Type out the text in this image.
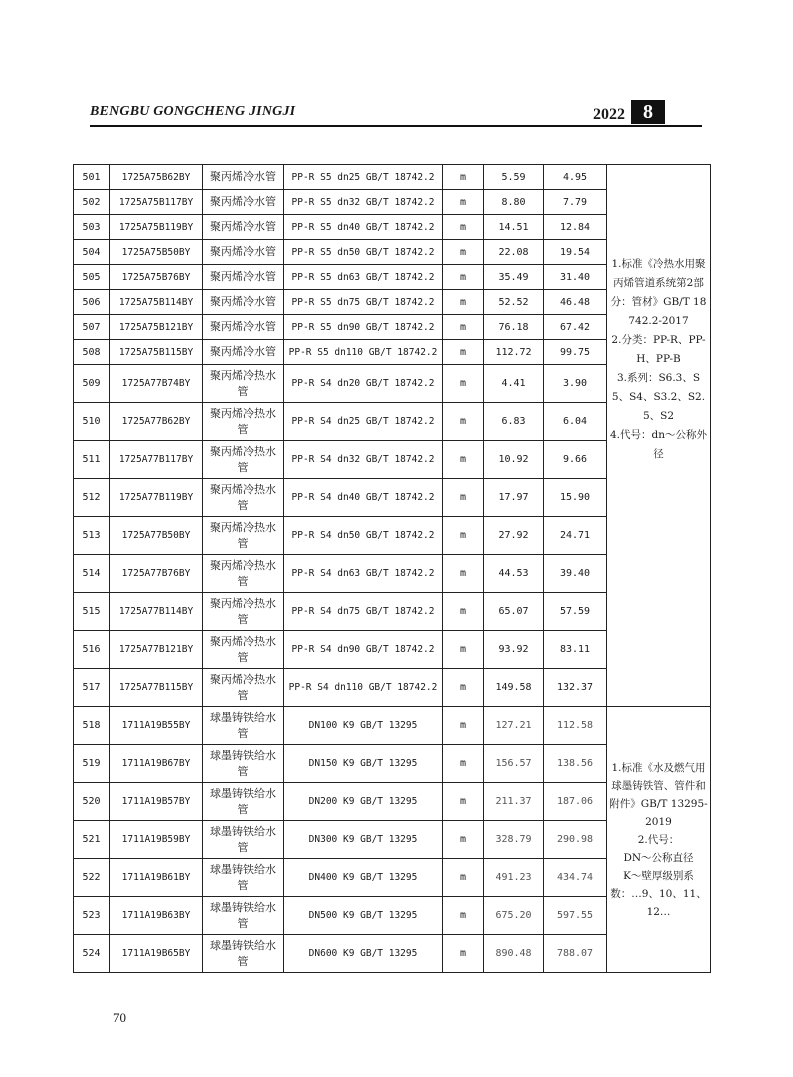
BENGBU GONGCHENG JINGJI	2022 8
501	1725A75B62BY	聚丙烯冷水管	PP-R S5 dn25 GB/T 18742.2	m	5.59	4.95	1.标准《冷热水用聚丙烯管道系统第2部分：管材》GB/T 18742.2-2017
2.分类：PP-R、PP-H、PP-B
3.系列：S6.3、S5、S4、S3.2、S2.5、S2
4.代号：dn～公称外径

502	1725A75B117BY	聚丙烯冷水管	PP-R S5 dn32 GB/T 18742.2	m	8.80	7.79	
503	1725A75B119BY	聚丙烯冷水管	PP-R S5 dn40 GB/T 18742.2	m	14.51	12.84	
504	1725A75B50BY	聚丙烯冷水管	PP-R S5 dn50 GB/T 18742.2	m	22.08	19.54	
505	1725A75B76BY	聚丙烯冷水管	PP-R S5 dn63 GB/T 18742.2	m	35.49	31.40	
506	1725A75B114BY	聚丙烯冷水管	PP-R S5 dn75 GB/T 18742.2	m	52.52	46.48	
507	1725A75B121BY	聚丙烯冷水管	PP-R S5 dn90 GB/T 18742.2	m	76.18	67.42	
508	1725A75B115BY	聚丙烯冷水管	PP-R S5 dn110 GB/T 18742.2	m	112.72	99.75	
509	1725A77B74BY	聚丙烯冷热水管	PP-R S4 dn20 GB/T 18742.2	m	4.41	3.90	
510	1725A77B62BY	聚丙烯冷热水管	PP-R S4 dn25 GB/T 18742.2	m	6.83	6.04	
511	1725A77B117BY	聚丙烯冷热水管	PP-R S4 dn32 GB/T 18742.2	m	10.92	9.66	
512	1725A77B119BY	聚丙烯冷热水管	PP-R S4 dn40 GB/T 18742.2	m	17.97	15.90	
513	1725A77B50BY	聚丙烯冷热水管	PP-R S4 dn50 GB/T 18742.2	m	27.92	24.71	
514	1725A77B76BY	聚丙烯冷热水管	PP-R S4 dn63 GB/T 18742.2	m	44.53	39.40	
515	1725A77B114BY	聚丙烯冷热水管	PP-R S4 dn75 GB/T 18742.2	m	65.07	57.59	
516	1725A77B121BY	聚丙烯冷热水管	PP-R S4 dn90 GB/T 18742.2	m	93.92	83.11	
517	1725A77B115BY	聚丙烯冷热水管	PP-R S4 dn110 GB/T 18742.2	m	149.58	132.37	
518	1711A19B55BY	球墨铸铁给水管	DN100 K9 GB/T 13295	m	127.21	112.58	1.标准《水及燃气用球墨铸铁管、管件和附件》GB/T 13295-2019
2.代号：
DN～公称直径
K～壁厚级别系数：…9、10、11、12…

519	1711A19B67BY	球墨铸铁给水管	DN150 K9 GB/T 13295	m	156.57	138.56	
520	1711A19B57BY	球墨铸铁给水管	DN200 K9 GB/T 13295	m	211.37	187.06	
521	1711A19B59BY	球墨铸铁给水管	DN300 K9 GB/T 13295	m	328.79	290.98	
522	1711A19B61BY	球墨铸铁给水管	DN400 K9 GB/T 13295	m	491.23	434.74	
523	1711A19B63BY	球墨铸铁给水管	DN500 K9 GB/T 13295	m	675.20	597.55	
524	1711A19B65BY	球墨铸铁给水管	DN600 K9 GB/T 13295	m	890.48	788.07	
70
